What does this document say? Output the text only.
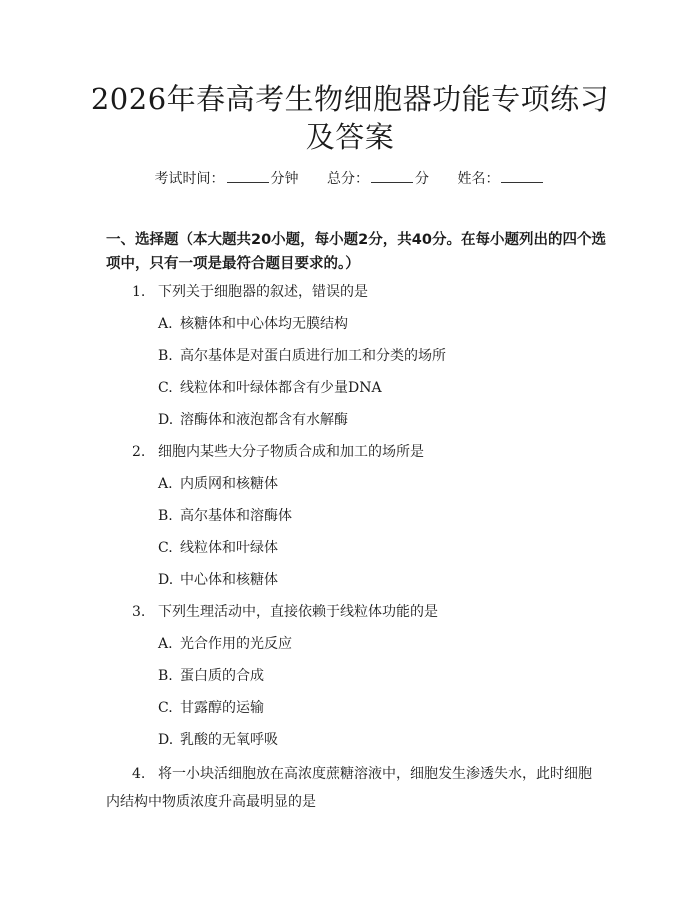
2026年春高考生物细胞器功能专项练习及答案
考试时间：	分钟 总分：	分 姓名：
一、选择题（本大题共20小题，每小题2分，共40分。在每小题列出的四个选项中，只有一项是最符合题目要求的。）
1. 下列关于细胞器的叙述，错误的是
A. 核糖体和中心体均无膜结构
B. 高尔基体是对蛋白质进行加工和分类的场所
C. 线粒体和叶绿体都含有少量DNA
D. 溶酶体和液泡都含有水解酶
2. 细胞内某些大分子物质合成和加工的场所是
A. 内质网和核糖体
B. 高尔基体和溶酶体
C. 线粒体和叶绿体
D. 中心体和核糖体
3. 下列生理活动中，直接依赖于线粒体功能的是
A. 光合作用的光反应
B. 蛋白质的合成
C. 甘露醇的运输
D. 乳酸的无氧呼吸
4. 将一小块活细胞放在高浓度蔗糖溶液中，细胞发生渗透失水，此时细胞内结构中物质浓度升高最明显的是
